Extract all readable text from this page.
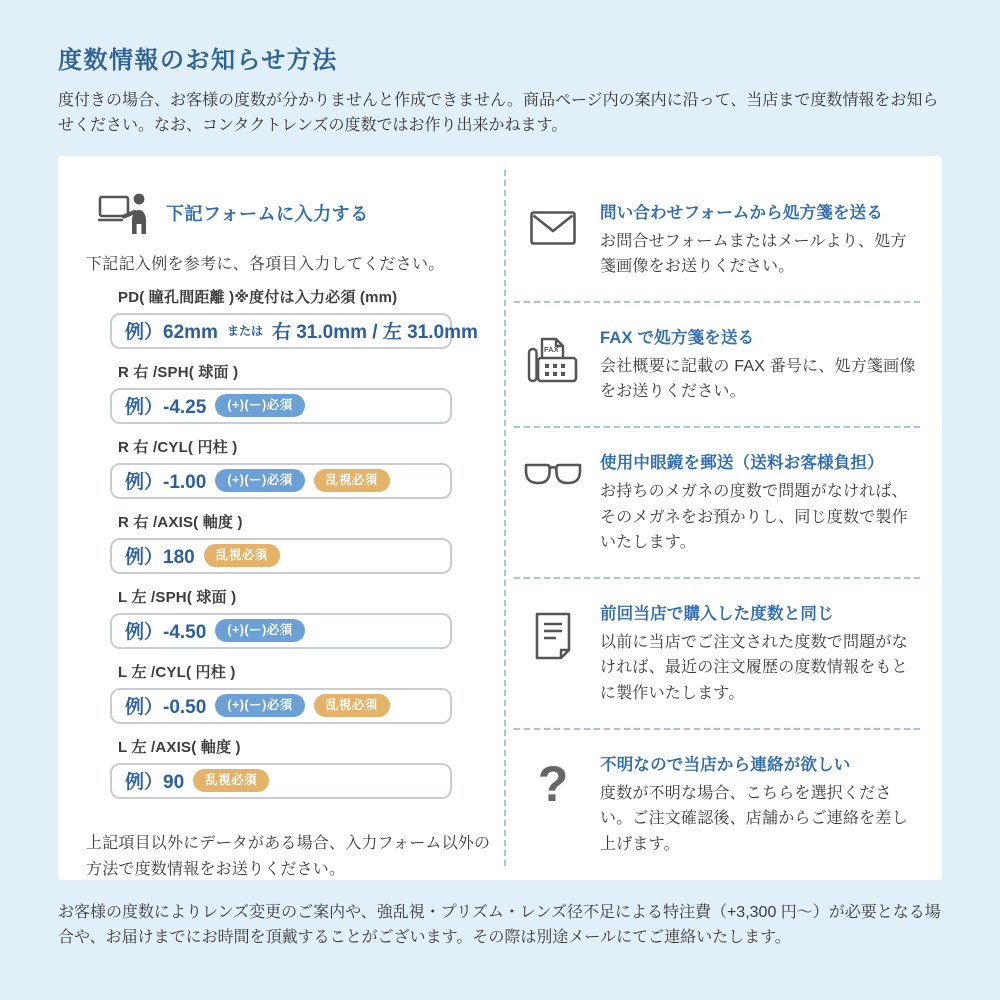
度数情報のお知らせ方法

度付きの場合、お客様の度数が分かりませんと作成できません。商品ページ内の案内に沿って、当店まで度数情報をお知らせください。なお、コンタクトレンズの度数ではお作り出来かねます。

下記フォームに入力する

下記記入例を参考に、各項目入力してください。

PD( 瞳孔間距離 )※度付は入力必須 (mm)
例）62mm または 右 31.0mm / 左 31.0mm
R 右 /SPH( 球面 )
例）-4.25	(+)(ー)必須
R 右 /CYL( 円柱 )
例）-1.00	(+)(ー)必須	乱視必須
R 右 /AXIS( 軸度 )
例）180	乱視必須
L 左 /SPH( 球面 )
例）-4.50	(+)(ー)必須
L 左 /CYL( 円柱 )
例）-0.50	(+)(ー)必須	乱視必須
L 左 /AXIS( 軸度 )
例）90	乱視必須

上記項目以外にデータがある場合、入力フォーム以外の方法で度数情報をお送りください。

問い合わせフォームから処方箋を送る
お問合せフォームまたはメールより、処方箋画像をお送りください。
FAX
FAX で処方箋を送る
会社概要に記載の FAX 番号に、処方箋画像をお送りください。
使用中眼鏡を郵送（送料お客様負担）
お持ちのメガネの度数で問題がなければ、そのメガネをお預かりし、同じ度数で製作いたします。
前回当店で購入した度数と同じ
以前に当店でご注文された度数で問題がなければ、最近の注文履歴の度数情報をもとに製作いたします。
? 不明なので当店から連絡が欲しい
度数が不明な場合、こちらを選択ください。ご注文確認後、店舗からご連絡を差し上げます。

お客様の度数によりレンズ変更のご案内や、強乱視・プリズム・レンズ径不足による特注費（+3,300 円～）が必要となる場合や、お届けまでにお時間を頂戴することがございます。その際は別途メールにてご連絡いたします。
